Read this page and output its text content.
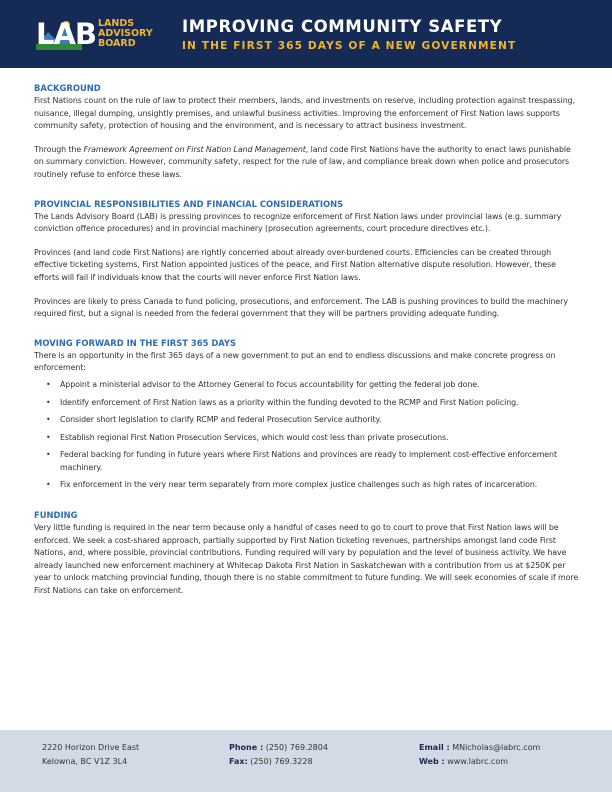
LAB LANDS
ADVISORY
BOARD
IMPROVING COMMUNITY SAFETY
IN THE FIRST 365 DAYS OF A NEW GOVERNMENT
BACKGROUND

First Nations count on the rule of law to protect their members, lands, and investments on reserve, including protection against trespassing, nuisance, illegal dumping, unsightly premises, and unlawful business activities. Improving the enforcement of First Nation laws supports community safety, protection of housing and the environment, and is necessary to attract business investment.

Through the Framework Agreement on First Nation Land Management, land code First Nations have the authority to enact laws punishable on summary conviction. However, community safety, respect for the rule of law, and compliance break down when police and prosecutors routinely refuse to enforce these laws.

PROVINCIAL RESPONSIBILITIES AND FINANCIAL CONSIDERATIONS

The Lands Advisory Board (LAB) is pressing provinces to recognize enforcement of First Nation laws under provincial laws (e.g. summary conviction offence procedures) and in provincial machinery (prosecution agreements, court procedure directives etc.).

Provinces (and land code First Nations) are rightly concerned about already over-burdened courts. Efficiencies can be created through effective ticketing systems, First Nation appointed justices of the peace, and First Nation alternative dispute resolution. However, these efforts will fail if individuals know that the courts will never enforce First Nation laws.

Provinces are likely to press Canada to fund policing, prosecutions, and enforcement. The LAB is pushing provinces to build the machinery required first, but a signal is needed from the federal government that they will be partners providing adequate funding.

MOVING FORWARD IN THE FIRST 365 DAYS

There is an opportunity in the first 365 days of a new government to put an end to endless discussions and make concrete progress on enforcement:

• Appoint a ministerial advisor to the Attorney General to focus accountability for getting the federal job done.
• Identify enforcement of First Nation laws as a priority within the funding devoted to the RCMP and First Nation policing.
• Consider short legislation to clarify RCMP and federal Prosecution Service authority.
• Establish regional First Nation Prosecution Services, which would cost less than private prosecutions.
• Federal backing for funding in future years where First Nations and provinces are ready to implement cost-effective enforcement machinery.
• Fix enforcement in the very near term separately from more complex justice challenges such as high rates of incarceration.
FUNDING

Very little funding is required in the near term because only a handful of cases need to go to court to prove that First Nation laws will be enforced. We seek a cost-shared approach, partially supported by First Nation ticketing revenues, partnerships amongst land code First Nations, and, where possible, provincial contributions. Funding required will vary by population and the level of business activity. We have already launched new enforcement machinery at Whitecap Dakota First Nation in Saskatchewan with a contribution from us at $250K per year to unlock matching provincial funding, though there is no stable commitment to future funding. We will seek economies of scale if more First Nations can take on enforcement.

2220 Horizon Drive East
Kelowna, BC V1Z 3L4
Phone : (250) 769.2804
Fax: (250) 769.3228
Email : MNicholas@labrc.com
Web : www.labrc.com
